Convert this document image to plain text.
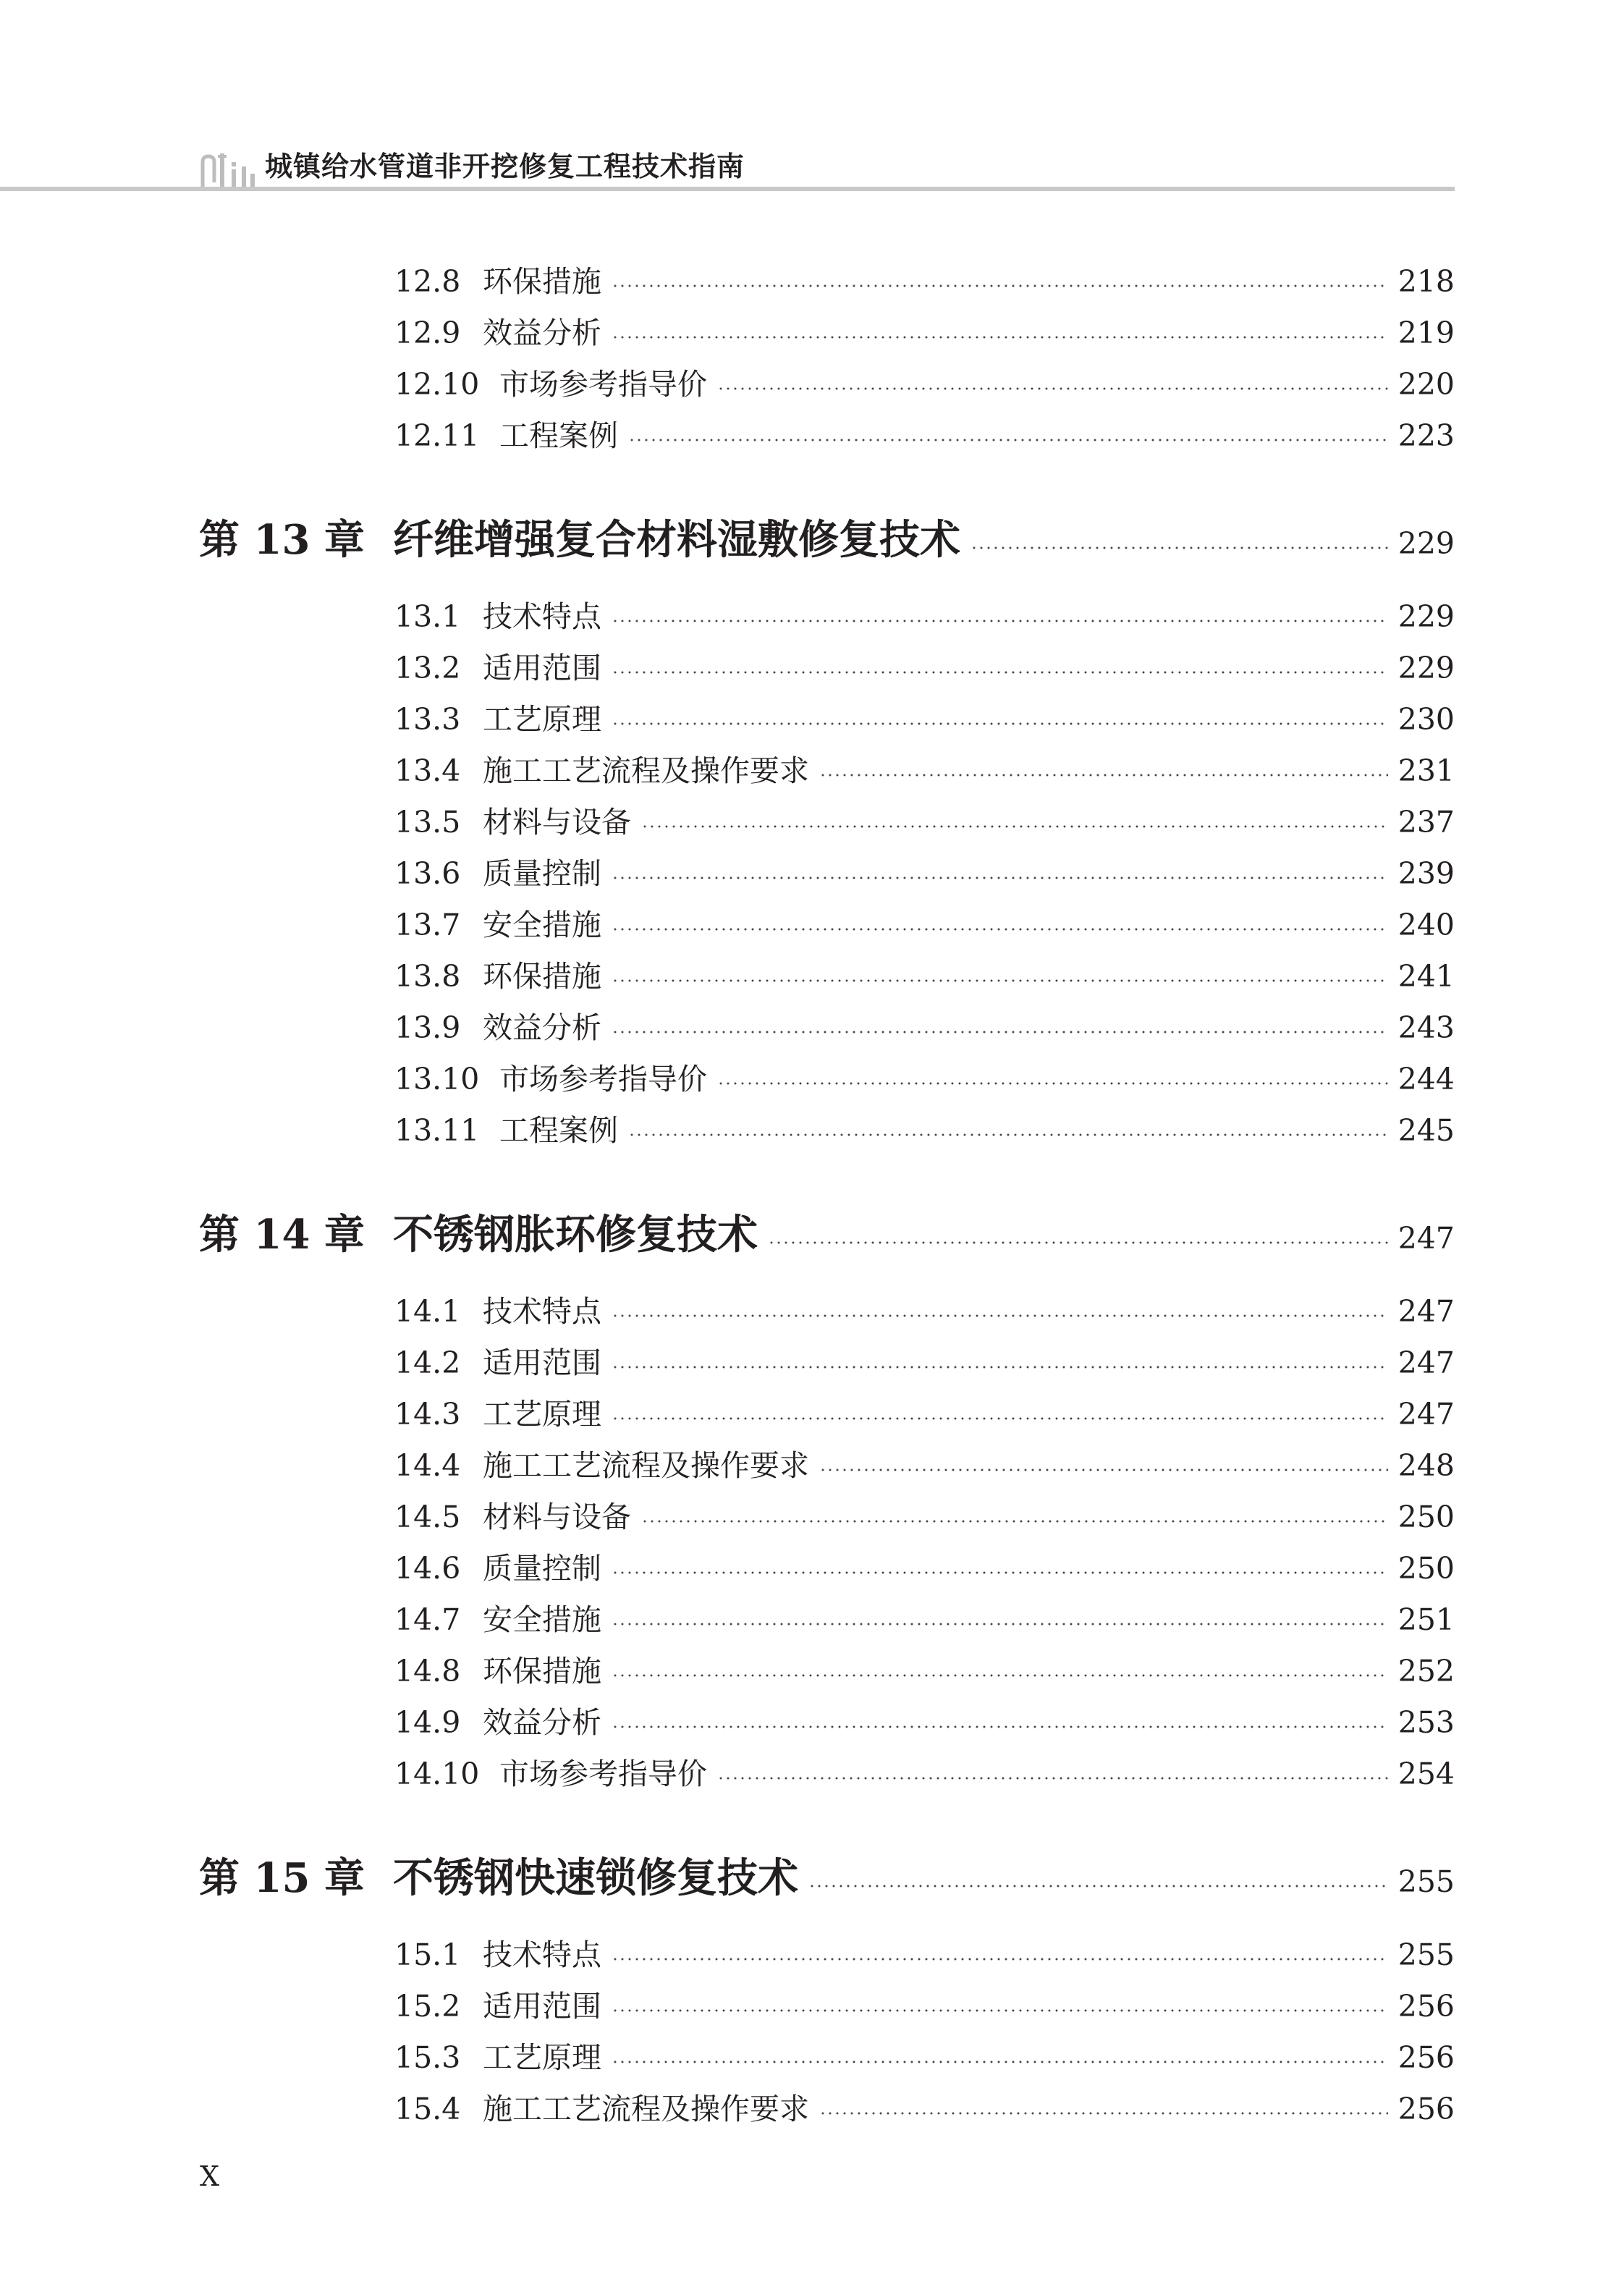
城镇给水管道非开挖修复工程技术指南
12.8 环保措施	218
12.9 效益分析	219
12.10 市场参考指导价	220
12.11 工程案例	223
第 13 章 纤维增强复合材料湿敷修复技术	229
13.1 技术特点	229
13.2 适用范围	229
13.3 工艺原理	230
13.4 施工工艺流程及操作要求	231
13.5 材料与设备	237
13.6 质量控制	239
13.7 安全措施	240
13.8 环保措施	241
13.9 效益分析	243
13.10 市场参考指导价	244
13.11 工程案例	245
第 14 章 不锈钢胀环修复技术	247
14.1 技术特点	247
14.2 适用范围	247
14.3 工艺原理	247
14.4 施工工艺流程及操作要求	248
14.5 材料与设备	250
14.6 质量控制	250
14.7 安全措施	251
14.8 环保措施	252
14.9 效益分析	253
14.10 市场参考指导价	254
第 15 章 不锈钢快速锁修复技术	255
15.1 技术特点	255
15.2 适用范围	256
15.3 工艺原理	256
15.4 施工工艺流程及操作要求	256
X
